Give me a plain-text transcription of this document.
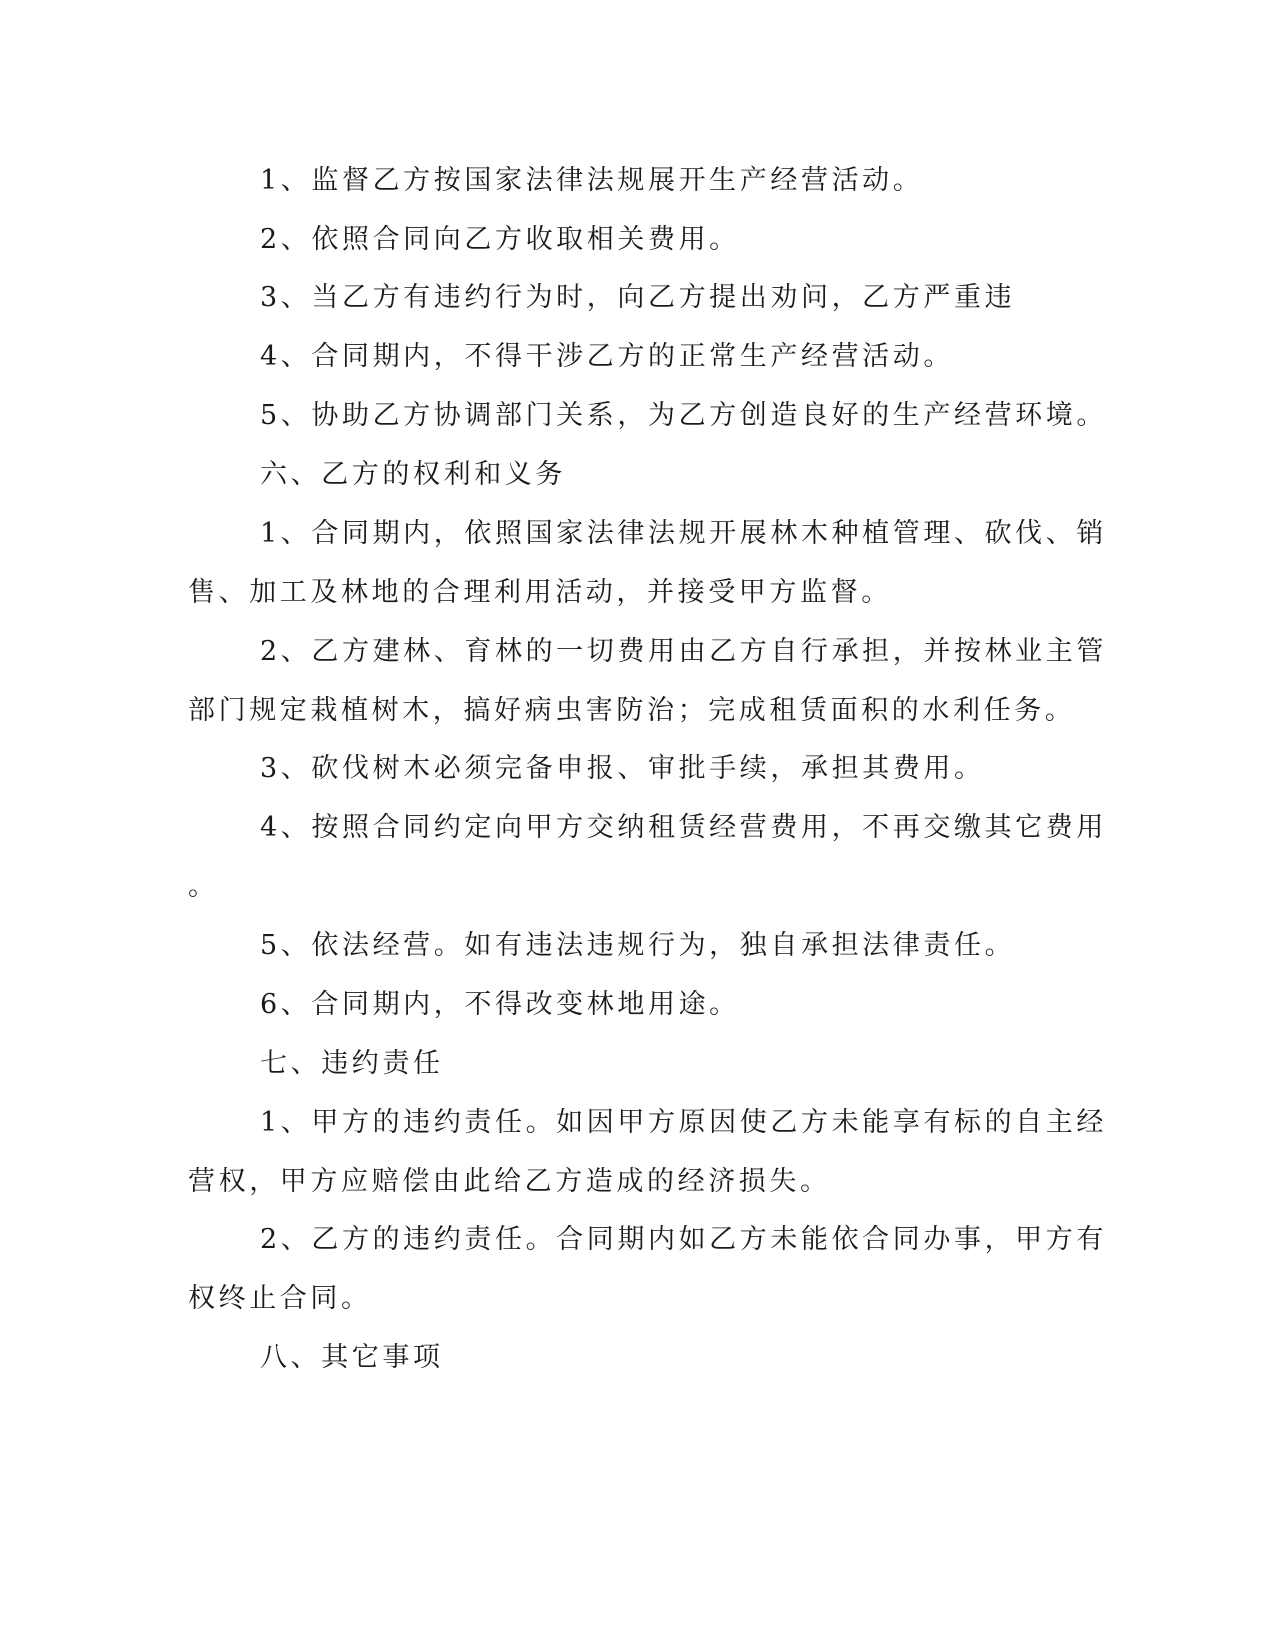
1、监督乙方按国家法律法规展开生产经营活动。
2、依照合同向乙方收取相关费用。
3、当乙方有违约行为时，向乙方提出劝问，乙方严重违
4、合同期内，不得干涉乙方的正常生产经营活动。
5、协助乙方协调部门关系，为乙方创造良好的生产经营环境。
六、乙方的权利和义务
1、合同期内，依照国家法律法规开展林木种植管理、砍伐、销
售、加工及林地的合理利用活动，并接受甲方监督。
2、乙方建林、育林的一切费用由乙方自行承担，并按林业主管
部门规定栽植树木，搞好病虫害防治；完成租赁面积的水利任务。
3、砍伐树木必须完备申报、审批手续，承担其费用。
4、按照合同约定向甲方交纳租赁经营费用，不再交缴其它费用
。
5、依法经营。如有违法违规行为，独自承担法律责任。
6、合同期内，不得改变林地用途。
七、违约责任
1、甲方的违约责任。如因甲方原因使乙方未能享有标的自主经
营权，甲方应赔偿由此给乙方造成的经济损失。
2、乙方的违约责任。合同期内如乙方未能依合同办事，甲方有
权终止合同。
八、其它事项
